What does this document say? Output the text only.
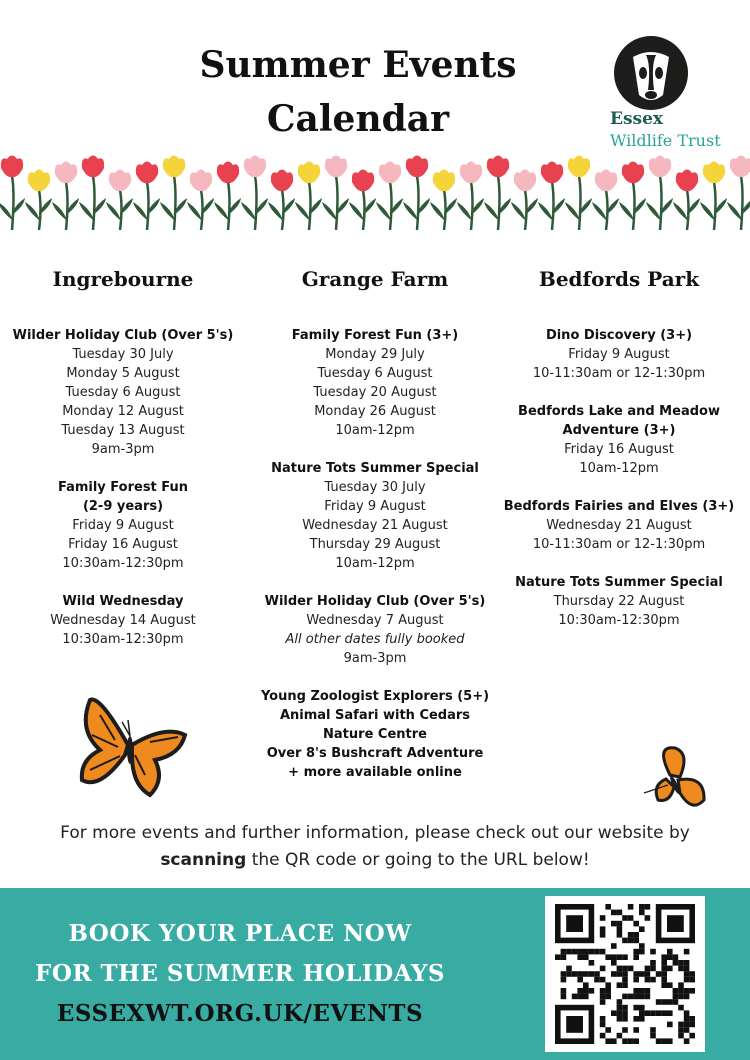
Summer Events
Calendar	Essex
Wildlife Trust
Ingrebourne
Wilder Holiday Club (Over 5's)
Tuesday 30 July
Monday 5 August
Tuesday 6 August
Monday 12 August
Tuesday 13 August
9am-3pm
Family Forest Fun
(2-9 years)
Friday 9 August
Friday 16 August
10:30am-12:30pm
Wild Wednesday
Wednesday 14 August
10:30am-12:30pm
Grange Farm
Family Forest Fun (3+)
Monday 29 July
Tuesday 6 August
Tuesday 20 August
Monday 26 August
10am-12pm
Nature Tots Summer Special
Tuesday 30 July
Friday 9 August
Wednesday 21 August
Thursday 29 August
10am-12pm
Wilder Holiday Club (Over 5's)
Wednesday 7 August
All other dates fully booked
9am-3pm
Young Zoologist Explorers (5+)
Animal Safari with Cedars
Nature Centre
Over 8's Bushcraft Adventure
+ more available online
Bedfords Park
Dino Discovery (3+)
Friday 9 August
10-11:30am or 12-1:30pm
Bedfords Lake and Meadow
Adventure (3+)
Friday 16 August
10am-12pm
Bedfords Fairies and Elves (3+)
Wednesday 21 August
10-11:30am or 12-1:30pm
Nature Tots Summer Special
Thursday 22 August
10:30am-12:30pm
For more events and further information, please check out our website by
scanning the QR code or going to the URL below!
BOOK YOUR PLACE NOW
FOR THE SUMMER HOLIDAYS
ESSEXWT.ORG.UK/EVENTS
